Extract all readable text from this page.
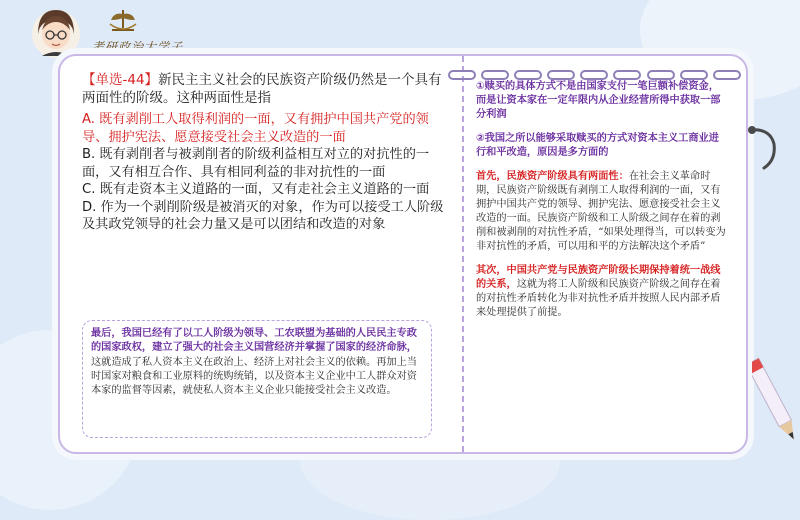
考研政治大学子

【单选-44】新民主主义社会的民族资产阶级仍然是一个具有两面性的阶级。这种两面性是指

A. 既有剥削工人取得利润的一面，又有拥护中国共产党的领导、拥护宪法、愿意接受社会主义改造的一面

B. 既有剥削者与被剥削者的阶级利益相互对立的对抗性的一面，又有相互合作、具有相同利益的非对抗性的一面

C. 既有走资本主义道路的一面，又有走社会主义道路的一面

D. 作为一个剥削阶级是被消灭的对象，作为可以接受工人阶级及其政党领导的社会力量又是可以团结和改造的对象

最后，我国已经有了以工人阶级为领导、工农联盟为基础的人民民主专政的国家政权，建立了强大的社会主义国营经济并掌握了国家的经济命脉，这就造成了私人资本主义在政治上、经济上对社会主义的依赖。再加上当时国家对粮食和工业原料的统购统销，以及资本主义企业中工人群众对资本家的监督等因素，就使私人资本主义企业只能接受社会主义改造。

①赎买的具体方式不是由国家支付一笔巨额补偿资金，而是让资本家在一定年限内从企业经营所得中获取一部分利润

②我国之所以能够采取赎买的方式对资本主义工商业进行和平改造，原因是多方面的

首先，民族资产阶级具有两面性：在社会主义革命时期，民族资产阶级既有剥削工人取得利润的一面，又有拥护中国共产党的领导、拥护宪法、愿意接受社会主义改造的一面。民族资产阶级和工人阶级之间存在着的剥削和被剥削的对抗性矛盾，“如果处理得当，可以转变为非对抗性的矛盾，可以用和平的方法解决这个矛盾”

其次，中国共产党与民族资产阶级长期保持着统一战线的关系，这就为将工人阶级和民族资产阶级之间存在着的对抗性矛盾转化为非对抗性矛盾并按照人民内部矛盾来处理提供了前提。
